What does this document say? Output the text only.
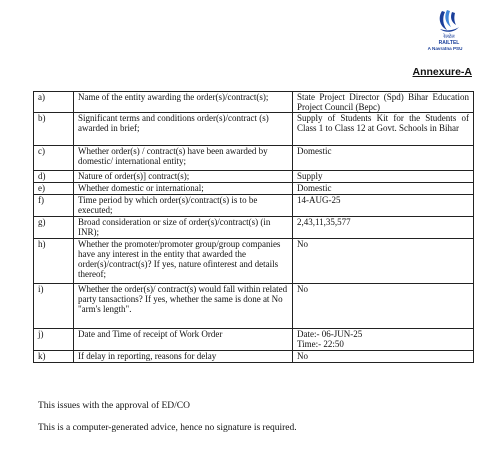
रेलटेल
RAILTEL
A Navratna PSU
Annexure-A
a)	Name of the entity awarding the order(s)/contract(s);	State Project Director (Spd) Bihar Education Project Council (Bepc)
b)	Significant terms and conditions order(s)/contract (s) awarded in brief;	Supply of Students Kit for the Students of Class 1 to Class 12 at Govt. Schools in Bihar
c)	Whether order(s) / contract(s) have been awarded by domestic/ international entity;	Domestic
d)	Nature of order(s)] contract(s);	Supply
e)	Whether domestic or international;	Domestic
f)	Time period by which order(s)/contract(s) is to be executed;	14-AUG-25
g)	Broad consideration or size of order(s)/contract(s) (in INR);	2,43,11,35,577
h)	Whether the promoter/promoter group/group companies have any interest in the entity that awarded the order(s)/contract(s)? If yes, nature ofinterest and details thereof;	No
i)	Whether the order(s)/ contract(s) would fall within related party tansactions? If yes, whether the same is done at No "arm's length".	No
j)	Date and Time of receipt of Work Order	Date:- 06-JUN-25
Time:- 22:50

k)	If delay in reporting, reasons for delay	No
This issues with the approval of ED/CO
This is a computer-generated advice, hence no signature is required.
